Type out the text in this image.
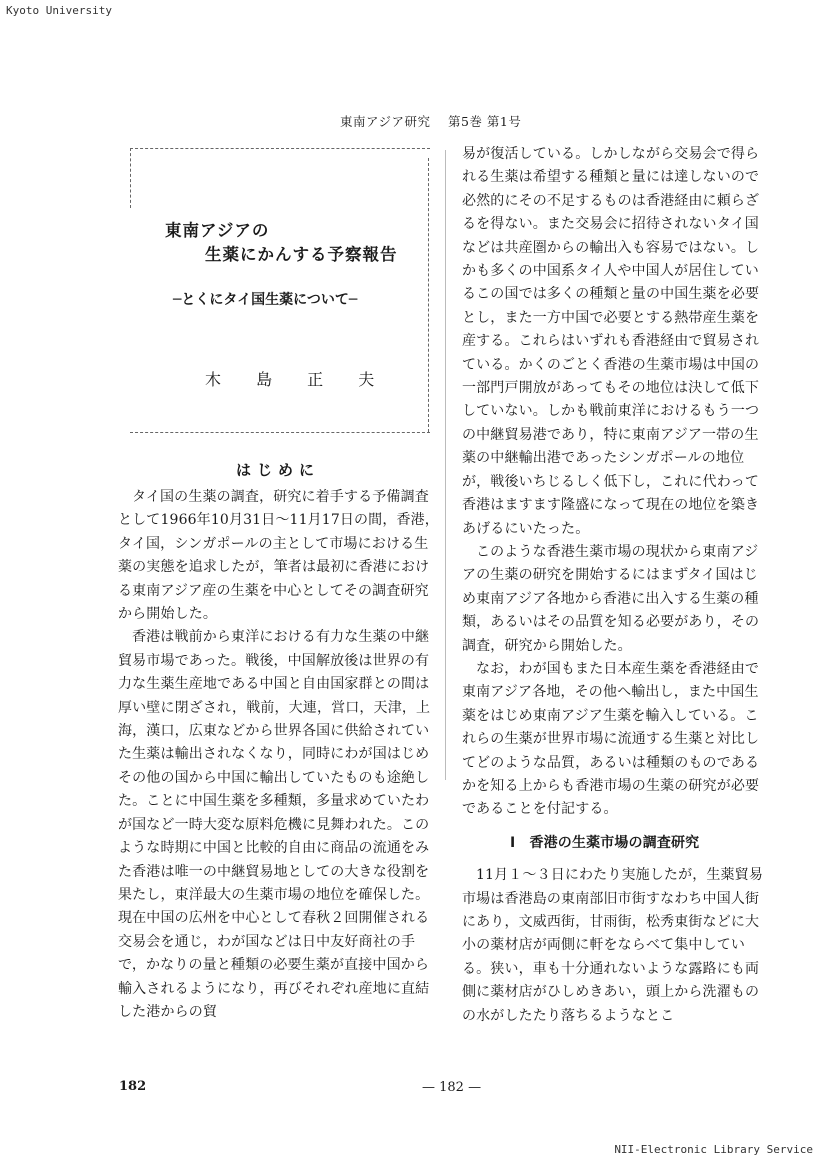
Kyoto University
東南アジア研究　 第5巻 第1号
東南アジアの
生薬にかんする予察報告
─とくにタイ国生薬について─
木 島 正 夫
はじめに

タイ国の生薬の調査，研究に着手する予備調査として1966年10月31日〜11月17日の間，香港，タイ国，シンガポールの主として市場における生薬の実態を追求したが，筆者は最初に香港における東南アジア産の生薬を中心としてその調査研究から開始した。

香港は戦前から東洋における有力な生薬の中継貿易市場であった。戦後，中国解放後は世界の有力な生薬生産地である中国と自由国家群との間は厚い壁に閉ざされ，戦前，大連，営口，天津，上海，漢口，広東などから世界各国に供給されていた生薬は輸出されなくなり，同時にわが国はじめその他の国から中国に輸出していたものも途絶した。ことに中国生薬を多種類，多量求めていたわが国など一時大変な原料危機に見舞われた。このような時期に中国と比較的自由に商品の流通をみた香港は唯一の中継貿易地としての大きな役割を果たし，東洋最大の生薬市場の地位を確保した。現在中国の広州を中心として春秋２回開催される交易会を通じ，わが国などは日中友好商社の手で，かなりの量と種類の必要生薬が直接中国から輸入されるようになり，再びそれぞれ産地に直結した港からの貿

易が復活している。しかしながら交易会で得られる生薬は希望する種類と量には達しないので必然的にその不足するものは香港経由に頼らざるを得ない。また交易会に招待されないタイ国などは共産圏からの輸出入も容易ではない。しかも多くの中国系タイ人や中国人が居住しているこの国では多くの種類と量の中国生薬を必要とし，また一方中国で必要とする熱帯産生薬を産する。これらはいずれも香港経由で貿易されている。かくのごとく香港の生薬市場は中国の一部門戸開放があってもその地位は決して低下していない。しかも戦前東洋におけるもう一つの中継貿易港であり，特に東南アジア一帯の生薬の中継輸出港であったシンガポールの地位が，戦後いちじるしく低下し，これに代わって香港はますます隆盛になって現在の地位を築きあげるにいたった。

このような香港生薬市場の現状から東南アジアの生薬の研究を開始するにはまずタイ国はじめ東南アジア各地から香港に出入する生薬の種類，あるいはその品質を知る必要があり，その調査，研究から開始した。

なお，わが国もまた日本産生薬を香港経由で東南アジア各地，その他へ輸出し，また中国生薬をはじめ東南アジア生薬を輸入している。これらの生薬が世界市場に流通する生薬と対比してどのような品質，あるいは種類のものであるかを知る上からも香港市場の生薬の研究が必要であることを付記する。

Ⅰ　香港の生薬市場の調査研究

11月１〜３日にわたり実施したが，生薬貿易市場は香港島の東南部旧市街すなわち中国人街にあり，文威西街，甘雨街，松秀東街などに大小の薬材店が両側に軒をならべて集中している。狭い，車も十分通れないような露路にも両側に薬材店がひしめきあい，頭上から洗濯ものの水がしたたり落ちるようなとこ

182	— 182 —
NII-Electronic Library Service
